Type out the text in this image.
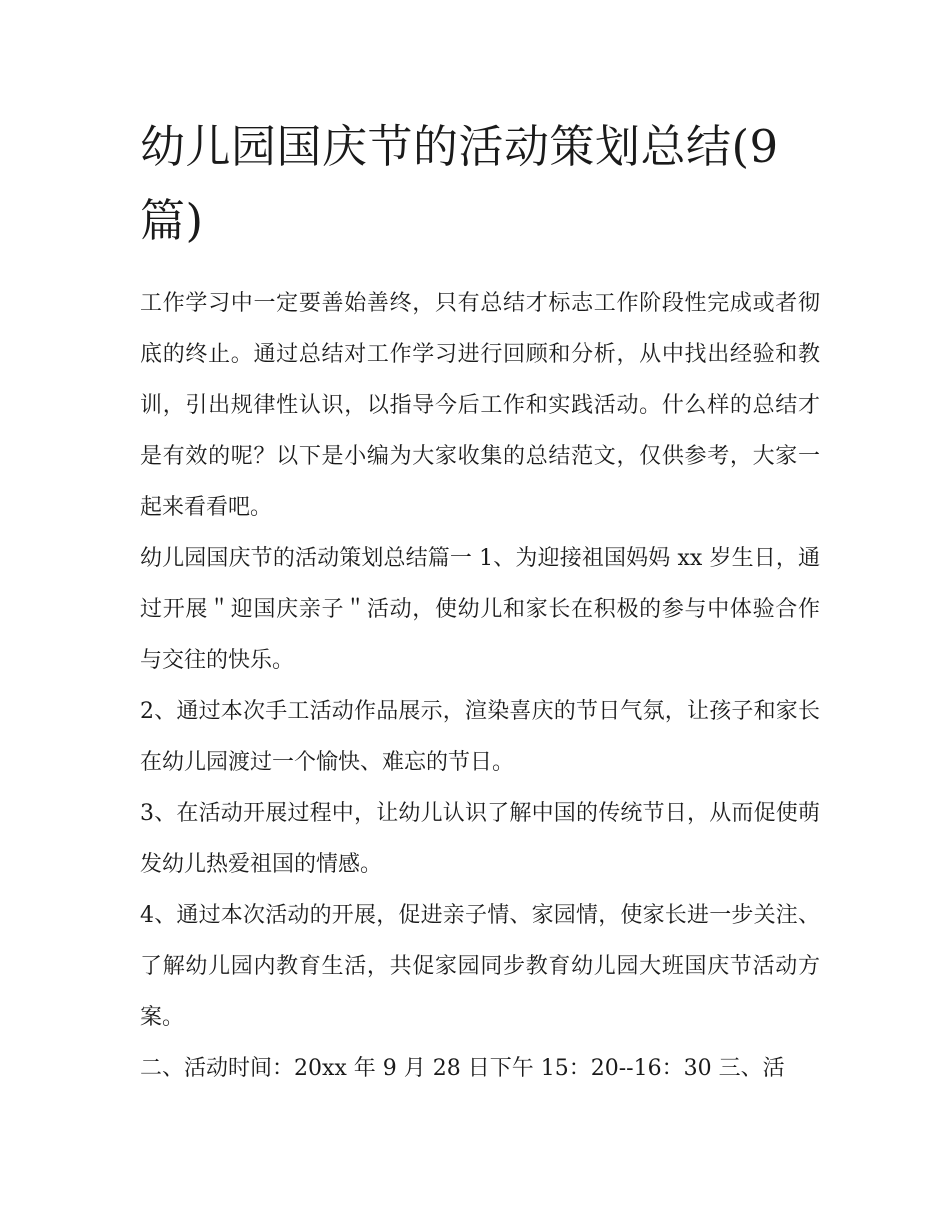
幼儿园国庆节的活动策划总结(9篇)

工作学习中一定要善始善终，只有总结才标志工作阶段性完成或者彻底的终止。通过总结对工作学习进行回顾和分析，从中找出经验和教训，引出规律性认识，以指导今后工作和实践活动。什么样的总结才是有效的呢？以下是小编为大家收集的总结范文，仅供参考，大家一起来看看吧。

幼儿园国庆节的活动策划总结篇一 1、为迎接祖国妈妈 xx 岁生日，通过开展＂迎国庆亲子＂活动，使幼儿和家长在积极的参与中体验合作与交往的快乐。

2、通过本次手工活动作品展示，渲染喜庆的节日气氛，让孩子和家长在幼儿园渡过一个愉快、难忘的节日。

3、在活动开展过程中，让幼儿认识了解中国的传统节日，从而促使萌发幼儿热爱祖国的情感。

4、通过本次活动的开展，促进亲子情、家园情，使家长进一步关注、了解幼儿园内教育生活，共促家园同步教育幼儿园大班国庆节活动方案。

二、活动时间：20xx 年 9 月 28 日下午 15：20--16：30 三、活
